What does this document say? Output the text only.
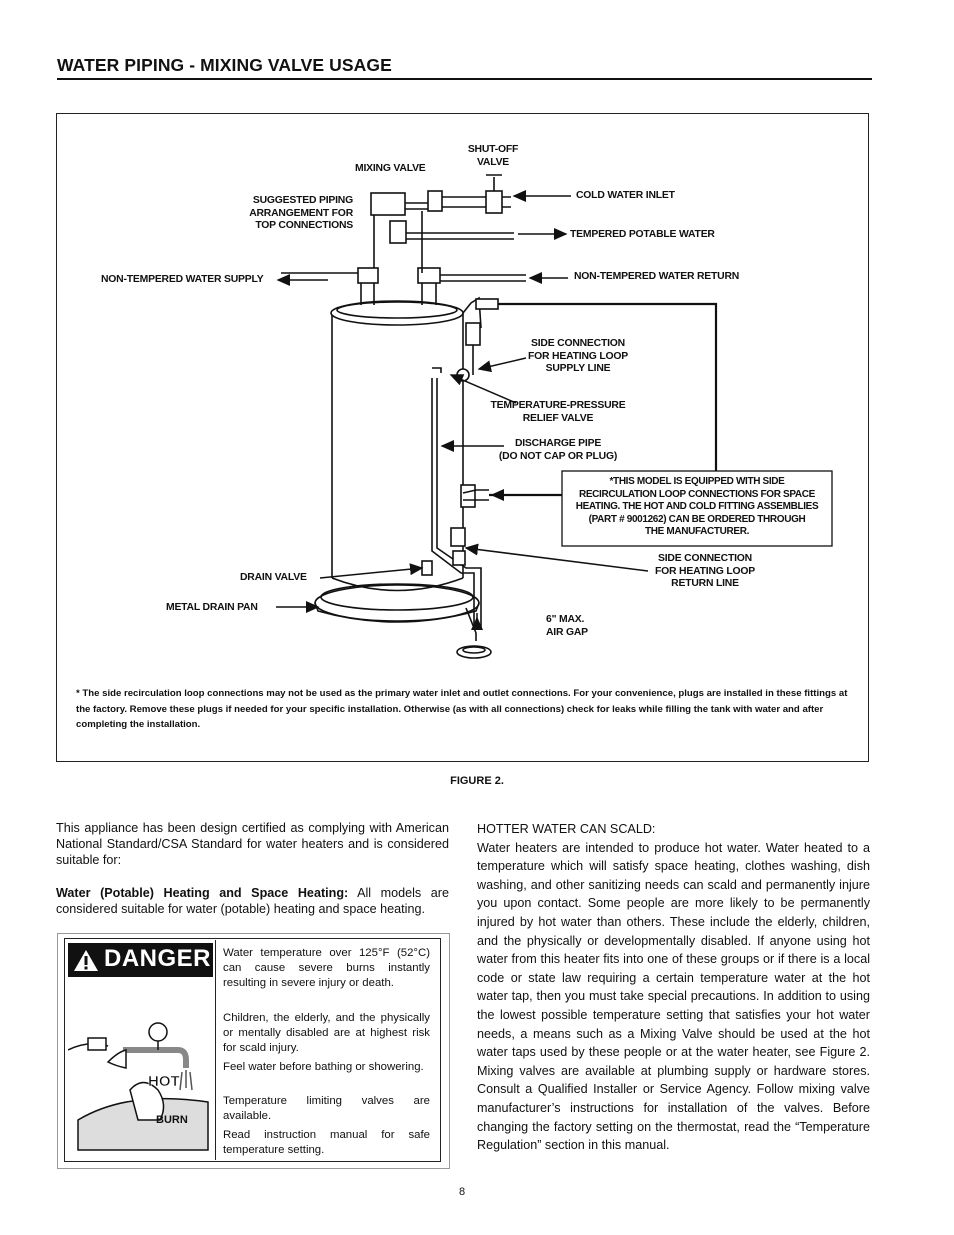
WATER PIPING - MIXING VALVE USAGE
SHUT-OFF
VALVE
MIXING VALVE
SUGGESTED PIPING
ARRANGEMENT FOR
TOP CONNECTIONS
COLD WATER INLET
TEMPERED POTABLE WATER
NON-TEMPERED WATER SUPPLY	NON-TEMPERED WATER RETURN
SIDE CONNECTION
FOR HEATING LOOP
SUPPLY LINE
TEMPERATURE-PRESSURE
RELIEF VALVE
DISCHARGE PIPE
(DO NOT CAP OR PLUG)
*THIS MODEL IS EQUIPPED WITH SIDE
RECIRCULATION LOOP CONNECTIONS FOR SPACE
HEATING. THE HOT AND COLD FITTING ASSEMBLIES
(PART # 9001262) CAN BE ORDERED THROUGH
THE MANUFACTURER.
SIDE CONNECTION
FOR HEATING LOOP
RETURN LINE
DRAIN VALVE
METAL DRAIN PAN
6" MAX.
AIR GAP
* The side recirculation loop connections may not be used as the primary water inlet and outlet connections. For your convenience, plugs are installed in these fittings at the factory. Remove these plugs if needed for your specific installation. Otherwise (as with all connections) check for leaks while filling the tank with water and after completing the installation.
FIGURE 2.
This appliance has been design certified as complying with American National Standard/CSA Standard for water heaters and is considered suitable for:
Water (Potable) Heating and Space Heating: All models are considered suitable for water (potable) heating and space heating.
DANGER
HOT
BURN
Water temperature over 125°F (52°C) can cause severe burns instantly resulting in severe injury or death.
Children, the elderly, and the physically or mentally disabled are at highest risk for scald injury.
Feel water before bathing or showering.
Temperature limiting valves are available.
Read instruction manual for safe temperature setting.
HOTTER WATER CAN SCALD:
Water heaters are intended to produce hot water. Water heated to a temperature which will satisfy space heating, clothes washing, dish washing, and other sanitizing needs can scald and permanently injure you upon contact. Some people are more likely to be permanently injured by hot water than others. These include the elderly, children, and the physically or developmentally disabled. If anyone using hot water from this heater fits into one of these groups or if there is a local code or state law requiring a certain temperature water at the hot water tap, then you must take special precautions. In addition to using the lowest possible temperature setting that satisfies your hot water needs, a means such as a Mixing Valve should be used at the hot water taps used by these people or at the water heater, see Figure 2. Mixing valves are available at plumbing supply or hardware stores. Consult a Qualified Installer or Service Agency. Follow mixing valve manufacturer’s instructions for installation of the valves. Before changing the factory setting on the thermostat, read the “Temperature Regulation” section in this manual.
8
